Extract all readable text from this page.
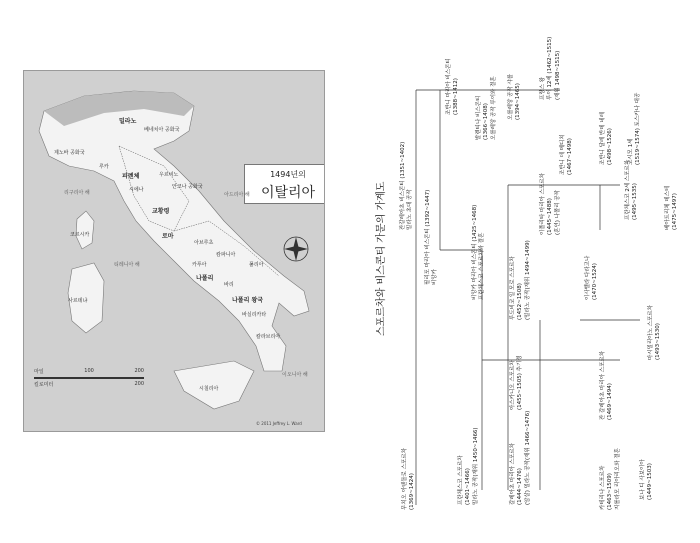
1494년의
이탈리아
밀라노
베네치아 공화국
제노바 공화국
루카
피렌체
시에나
우르비노
안코나 공화국
교황령
로마
아브루초
카푸아
나폴리
캄파니아
풀리아
바리
나폴리 왕국
바실리카타
칼라브리아
코르시카
사르데냐
시칠리아
티레니아 해
리구리아 해	아드리아 해
이오니아 해
© 2011 Jeffrey L. Ward
마일	100	200
킬로미터	200
스포르차와 비스콘티 가문의 가계도 잔갈레아초 비스콘티 (1351~1402) 밀라노 초대 공작
조반니 마리아 비스콘티 (1388~1412)
필리포 마리아 비스콘티 (1392~1447) 비앙카	비앙카 마리아 비스콘티 (1425~1468) 프란체스코 스포르차와 결혼
프란체스코 스포르차 (1401~1466) 밀라노 공작(재위 1450~1466)
무치오 아텐돌로 스포르차 (1369~1424)	갈레아초 마리아 스포르차 (1444~1476) (암살) 밀라노 공작(재위 1466~1476)
루도비코 일 모로 스포르차 (1452~1508) (밀라노 공작(재위 1494~1499)
아스카니오 스포르차 (1455~1505) 추기경
이폴리타 마리아 스포르차 (1445~1488) (혼인) 나폴리 공작
잔 갈레아초 마리아 스포르차 (1469~1494)
카테리나 스포르차 (1463~1509) 지롤라모 리아리오와 결혼
이사벨라 다라고나 (1470~1524)
마시밀리아노 스포르차 (1493~1530)
프란체스코 2세 스포르차 (1495~1535)
코시모 1세 (1519~1574) 토스카나 대공
프랑스 왕 루이 12세 (1462~1515) (재위 1498~1515)
발렌티나 비스콘티 (1366~1408) 오를레앙 공작 루이와 결혼 오를레앙 공작 샤를 (1394~1465)
조반니 데 메디치 (1467~1498)	조반니 달레 반데 네레 (1498~1526)
보나 디 사보이아 (1449~1503)
베아트리체 데스테 (1475~1497)
